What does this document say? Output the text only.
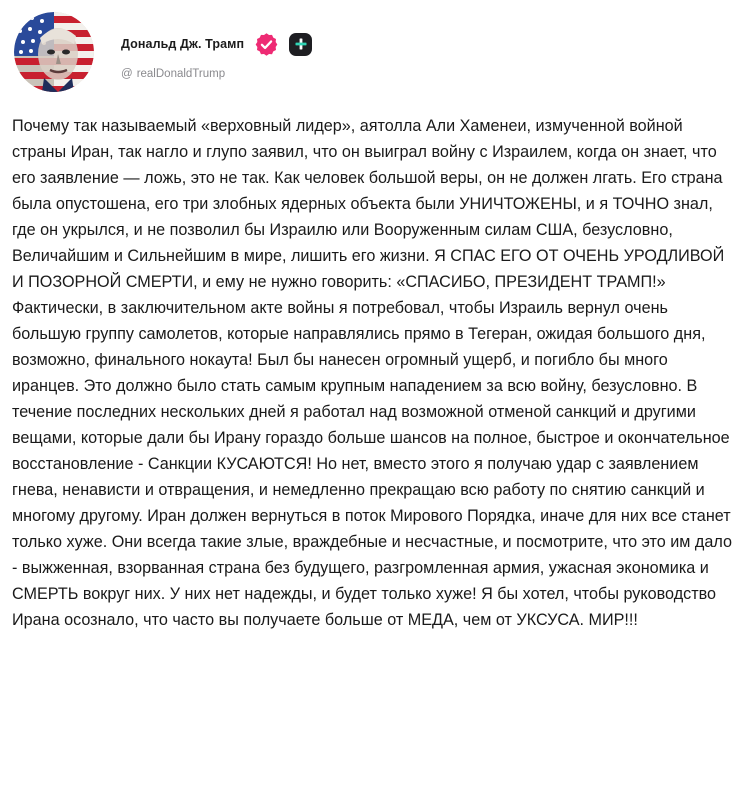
Дональд Дж. Трамп
@ realDonaldTrump

Почему так называемый «верховный лидер», аятолла Али Хаменеи, измученной войной страны Иран, так нагло и глупо заявил, что он выиграл войну с Израилем, когда он знает, что его заявление — ложь, это не так. Как человек большой веры, он не должен лгать. Его страна была опустошена, его три злобных ядерных объекта были УНИЧТОЖЕНЫ, и я ТОЧНО знал, где он укрылся, и не позволил бы Израилю или Вооруженным силам США, безусловно, Величайшим и Сильнейшим в мире, лишить его жизни. Я СПАС ЕГО ОТ ОЧЕНЬ УРОДЛИВОЙ И ПОЗОРНОЙ СМЕРТИ, и ему не нужно говорить: «СПАСИБО, ПРЕЗИДЕНТ ТРАМП!» Фактически, в заключительном акте войны я потребовал, чтобы Израиль вернул очень большую группу самолетов, которые направлялись прямо в Тегеран, ожидая большого дня, возможно, финального нокаута! Был бы нанесен огромный ущерб, и погибло бы много иранцев. Это должно было стать самым крупным нападением за всю войну, безусловно. В течение последних нескольких дней я работал над возможной отменой санкций и другими вещами, которые дали бы Ирану гораздо больше шансов на полное, быстрое и окончательное восстановление - Санкции КУСАЮТСЯ! Но нет, вместо этого я получаю удар с заявлением гнева, ненависти и отвращения, и немедленно прекращаю всю работу по снятию санкций и многому другому. Иран должен вернуться в поток Мирового Порядка, иначе для них все станет только хуже. Они всегда такие злые, враждебные и несчастные, и посмотрите, что это им дало - выжженная, взорванная страна без будущего, разгромленная армия, ужасная экономика и СМЕРТЬ вокруг них. У них нет надежды, и будет только хуже! Я бы хотел, чтобы руководство Ирана осознало, что часто вы получаете больше от МЕДА, чем от УКСУСА. МИР!!!
